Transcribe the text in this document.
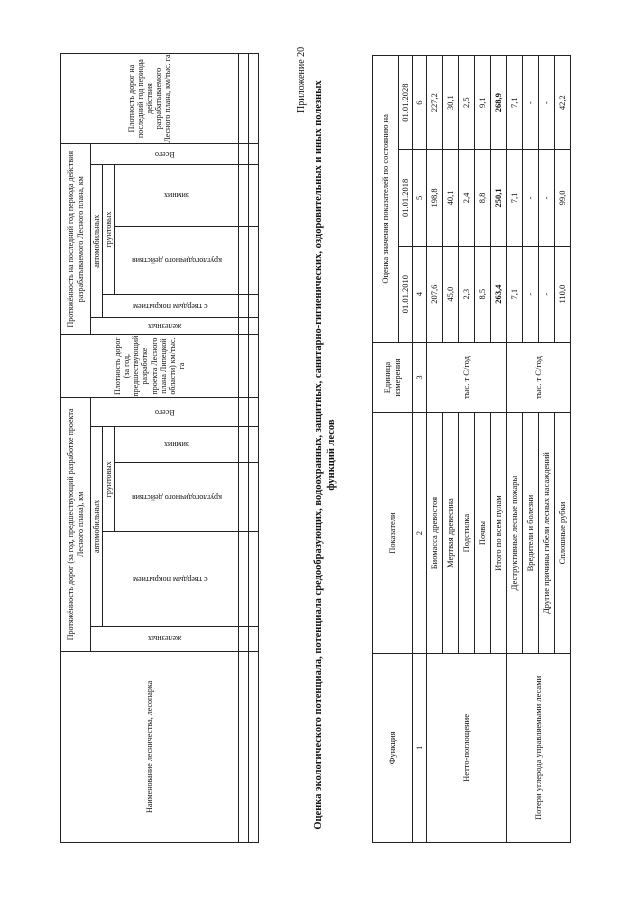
Наименование лесничества, лесопарка	Протяжённость дорог (за год, предшествующий разработке проекта Лесного плана), км					Плотность дорог (за год, предшествующий разработке проекта Лесного плана Липецкой области) км/тыс. га	Протяжённость на последний год периода действия разрабатываемого Лесного плана, км					Плотность дорог на последний год периода действия разрабатываемого Лесного плана, км/тыс. га

	железных	автомобильных			Всего		железных	автомобильных			Всего	

		с твердым покрытием	грунтовых					с твердым покрытием	грунтовых			

			круглогодичного действия	зимних					круглогодичного действия	зимних		

Приложение 20
Оценка экологического потенциала, потенциала средообразующих, водоохранных, защитных, санитарно-гигиенических, оздоровительных и иных полезных функций лесов
Функция	Показатели	Единица измерения	Оценка значения показателей по состоянию на		
			01.01.2010	01.01.2018	01.01.2028
1	2	3	4	5	6
Нетто-поглощение	Биомасса древостоя	тыс. т С/год	207,6	198,8	227,2
	Мертвая древесина		45,0	40,1	30,1
	Подстилка		2,3	2,4	2,5
	Почвы		8,5	8,8	9,1
	Итого по всем пулам		263,4	250,1	268,9
Потери углерода управляемыми лесами	Деструктивные лесные пожары	тыс. т С/год	7,1	7,1	7,1
	Вредители и болезни		-	-	-
	Другие причины гибели лесных насаждений		-	-	-
	Сплошные рубки		110,0	99,0	42,2
